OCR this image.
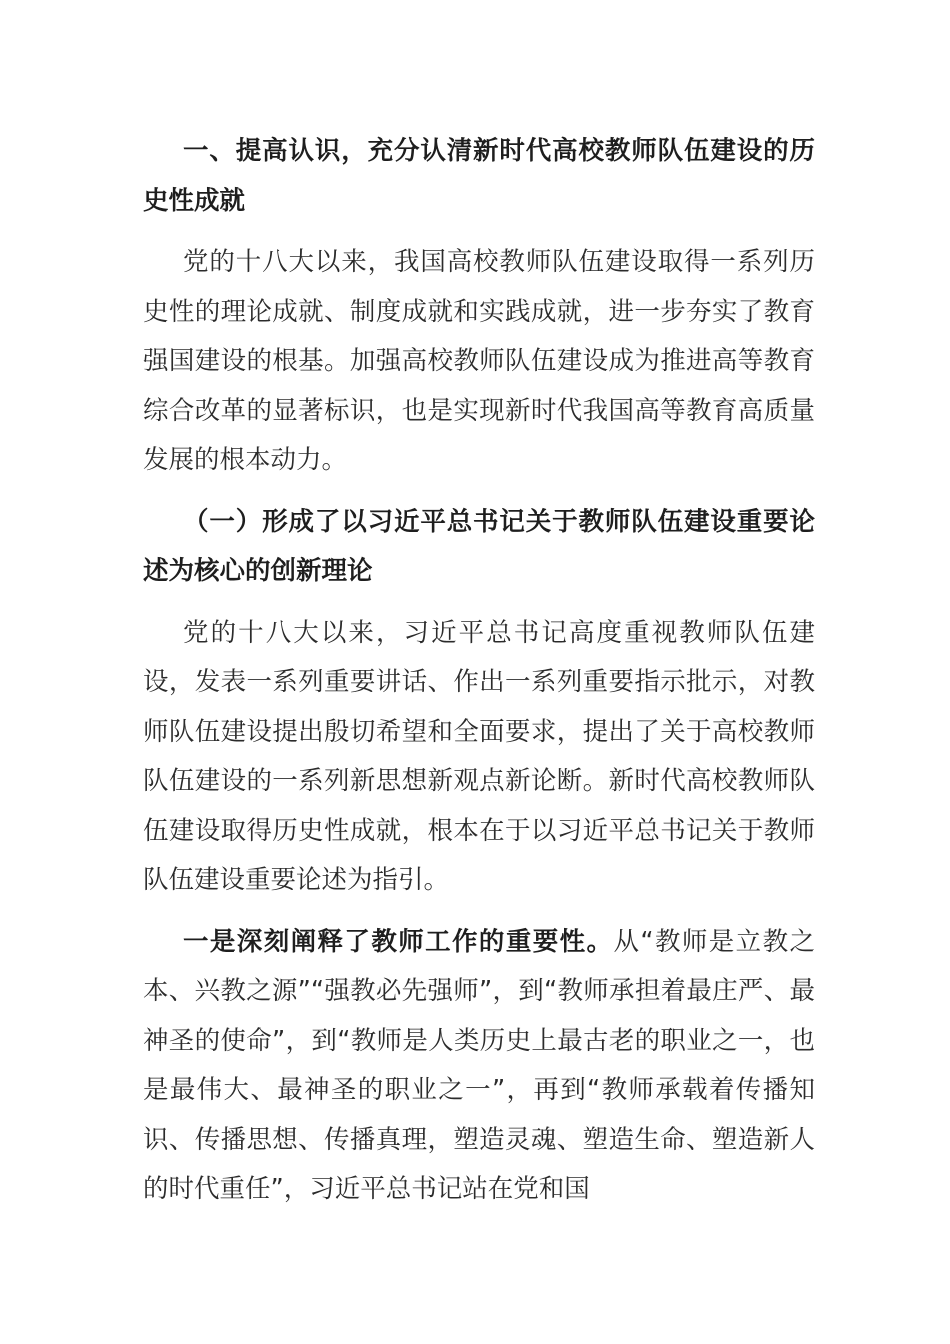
一、提高认识，充分认清新时代高校教师队伍建设的历史性成就

党的十八大以来，我国高校教师队伍建设取得一系列历史性的理论成就、制度成就和实践成就，进一步夯实了教育强国建设的根基。加强高校教师队伍建设成为推进高等教育综合改革的显著标识，也是实现新时代我国高等教育高质量发展的根本动力。

（一）形成了以习近平总书记关于教师队伍建设重要论述为核心的创新理论

党的十八大以来，习近平总书记高度重视教师队伍建设，发表一系列重要讲话、作出一系列重要指示批示，对教师队伍建设提出殷切希望和全面要求，提出了关于高校教师队伍建设的一系列新思想新观点新论断。新时代高校教师队伍建设取得历史性成就，根本在于以习近平总书记关于教师队伍建设重要论述为指引。

一是深刻阐释了教师工作的重要性。从“教师是立教之本、兴教之源”“强教必先强师”，到“教师承担着最庄严、最神圣的使命”，到“教师是人类历史上最古老的职业之一，也是最伟大、最神圣的职业之一”，再到“教师承载着传播知识、传播思想、传播真理，塑造灵魂、塑造生命、塑造新人的时代重任”，习近平总书记站在党和国
